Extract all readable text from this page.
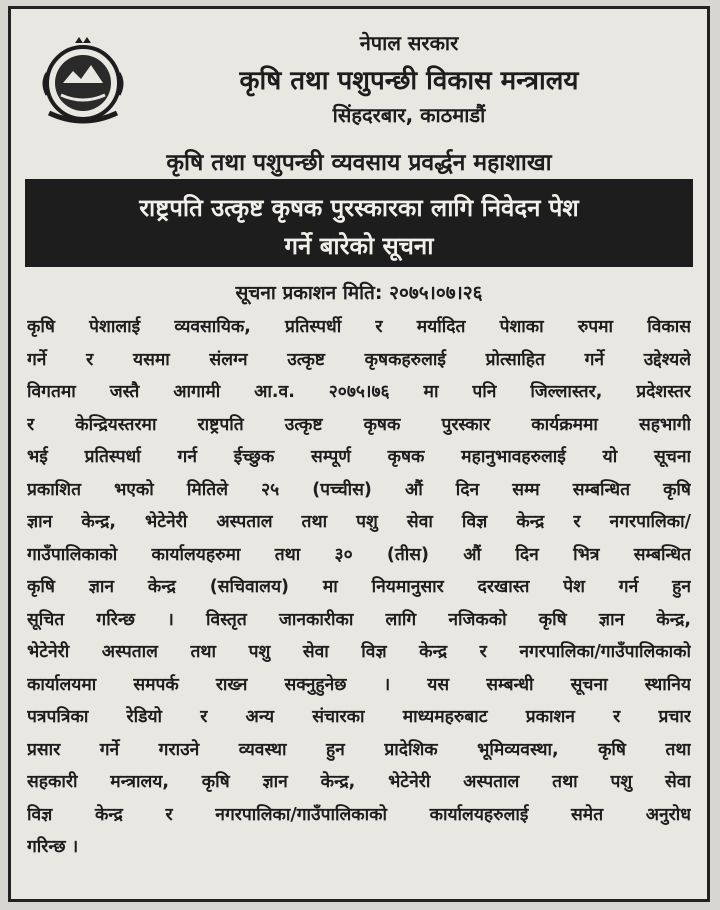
नेपाल सरकार
कृषि तथा पशुपन्छी विकास मन्त्रालय
सिंहदरबार, काठमाडौं
कृषि तथा पशुपन्छी व्यवसाय प्रवर्द्धन महाशाखा
राष्ट्रपति उत्कृष्ट कृषक पुरस्कारका लागि निवेदन पेश
गर्ने बारेको सूचना
सूचना प्रकाशन मिति: २०७५।०७।२६
कृषि पेशालाई व्यवसायिक, प्रतिस्पर्धी र मर्यादित पेशाका रुपमा विकास
गर्ने र यसमा संलग्न उत्कृष्ट कृषकहरुलाई प्रोत्साहित गर्ने उद्देश्यले
विगतमा जस्तै आगामी आ.व. २०७५।७६ मा पनि जिल्लास्तर, प्रदेशस्तर
र केन्द्रियस्तरमा राष्ट्रपति उत्कृष्ट कृषक पुरस्कार कार्यक्रममा सहभागी
भई प्रतिस्पर्धा गर्न ईच्छुक सम्पूर्ण कृषक महानुभावहरुलाई यो सूचना
प्रकाशित भएको मितिले २५ (पच्चीस) औं दिन सम्म सम्बन्धित कृषि
ज्ञान केन्द्र, भेटेनेरी अस्पताल तथा पशु सेवा विज्ञ केन्द्र र नगरपालिका/
गाउँपालिकाको कार्यालयहरुमा तथा ३० (तीस) औं दिन भित्र सम्बन्धित
कृषि ज्ञान केन्द्र (सचिवालय) मा नियमानुसार दरखास्त पेश गर्न हुन
सूचित गरिन्छ । विस्तृत जानकारीका लागि नजिकको कृषि ज्ञान केन्द्र,
भेटेनेरी अस्पताल तथा पशु सेवा विज्ञ केन्द्र र नगरपालिका/गाउँपालिकाको
कार्यालयमा समपर्क राख्न सक्नुहुनेछ । यस सम्बन्धी सूचना स्थानिय
पत्रपत्रिका रेडियो र अन्य संचारका माध्यमहरुबाट प्रकाशन र प्रचार
प्रसार गर्ने गराउने व्यवस्था हुन प्रादेशिक भूमिव्यवस्था, कृषि तथा
सहकारी मन्त्रालय, कृषि ज्ञान केन्द्र, भेटेनेरी अस्पताल तथा पशु सेवा
विज्ञ केन्द्र र नगरपालिका/गाउँपालिकाको कार्यालयहरुलाई समेत अनुरोध
गरिन्छ ।
